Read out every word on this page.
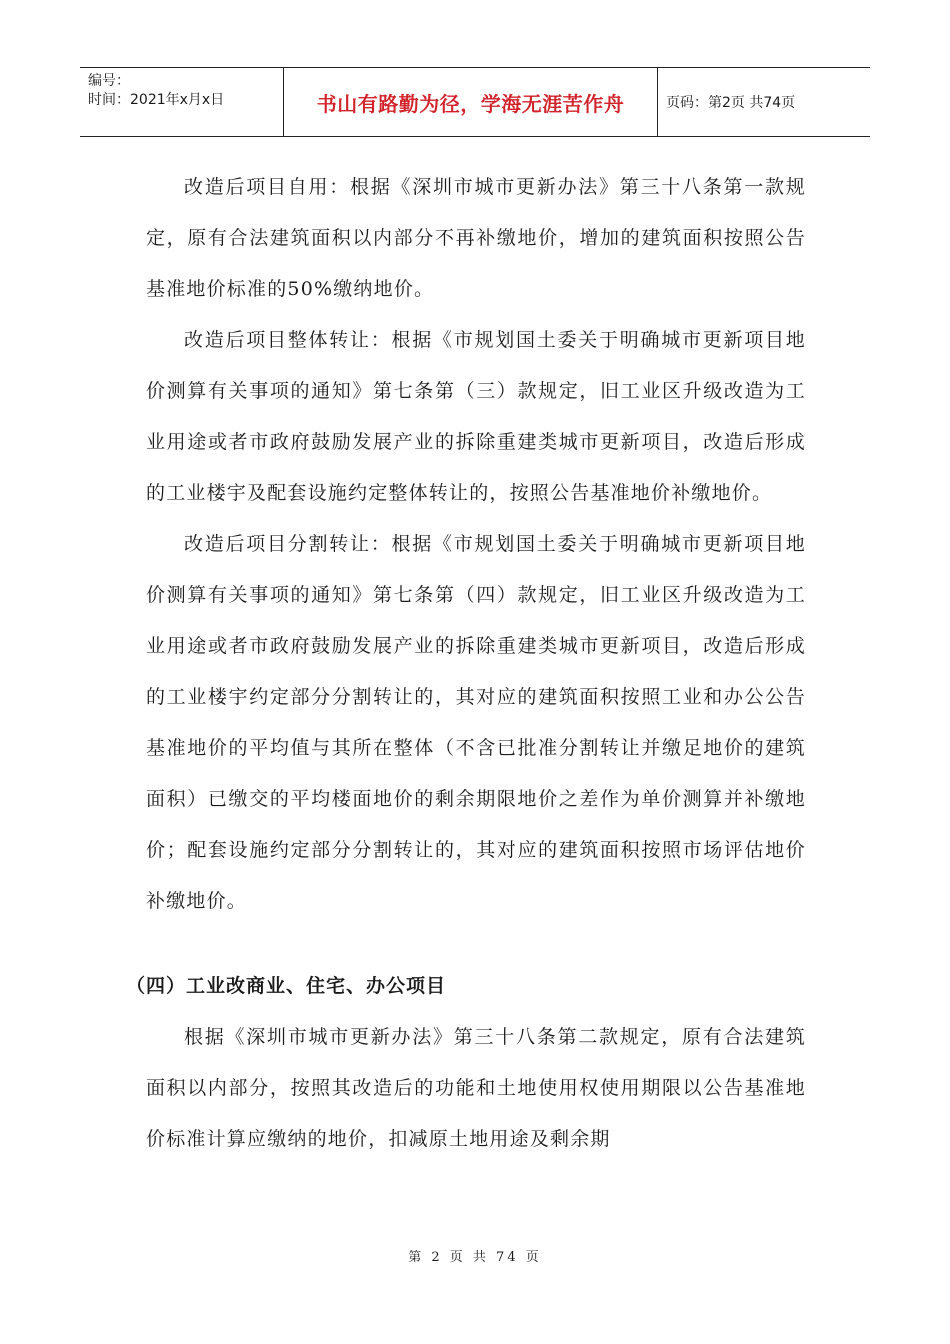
编号：
时间：2021年x月x日	书山有路勤为径，学海无涯苦作舟	页码：第2页 共74页

改造后项目自用：根据《深圳市城市更新办法》第三十八条第一款规定，原有合法建筑面积以内部分不再补缴地价，增加的建筑面积按照公告基准地价标准的50%缴纳地价。

改造后项目整体转让：根据《市规划国土委关于明确城市更新项目地价测算有关事项的通知》第七条第（三）款规定，旧工业区升级改造为工业用途或者市政府鼓励发展产业的拆除重建类城市更新项目，改造后形成的工业楼宇及配套设施约定整体转让的，按照公告基准地价补缴地价。

改造后项目分割转让：根据《市规划国土委关于明确城市更新项目地价测算有关事项的通知》第七条第（四）款规定，旧工业区升级改造为工业用途或者市政府鼓励发展产业的拆除重建类城市更新项目，改造后形成的工业楼宇约定部分分割转让的，其对应的建筑面积按照工业和办公公告基准地价的平均值与其所在整体（不含已批准分割转让并缴足地价的建筑面积）已缴交的平均楼面地价的剩余期限地价之差作为单价测算并补缴地价；配套设施约定部分分割转让的，其对应的建筑面积按照市场评估地价补缴地价。

（四）工业改商业、住宅、办公项目

根据《深圳市城市更新办法》第三十八条第二款规定，原有合法建筑面积以内部分，按照其改造后的功能和土地使用权使用期限以公告基准地价标准计算应缴纳的地价，扣减原土地用途及剩余期

第 2 页 共 74 页
